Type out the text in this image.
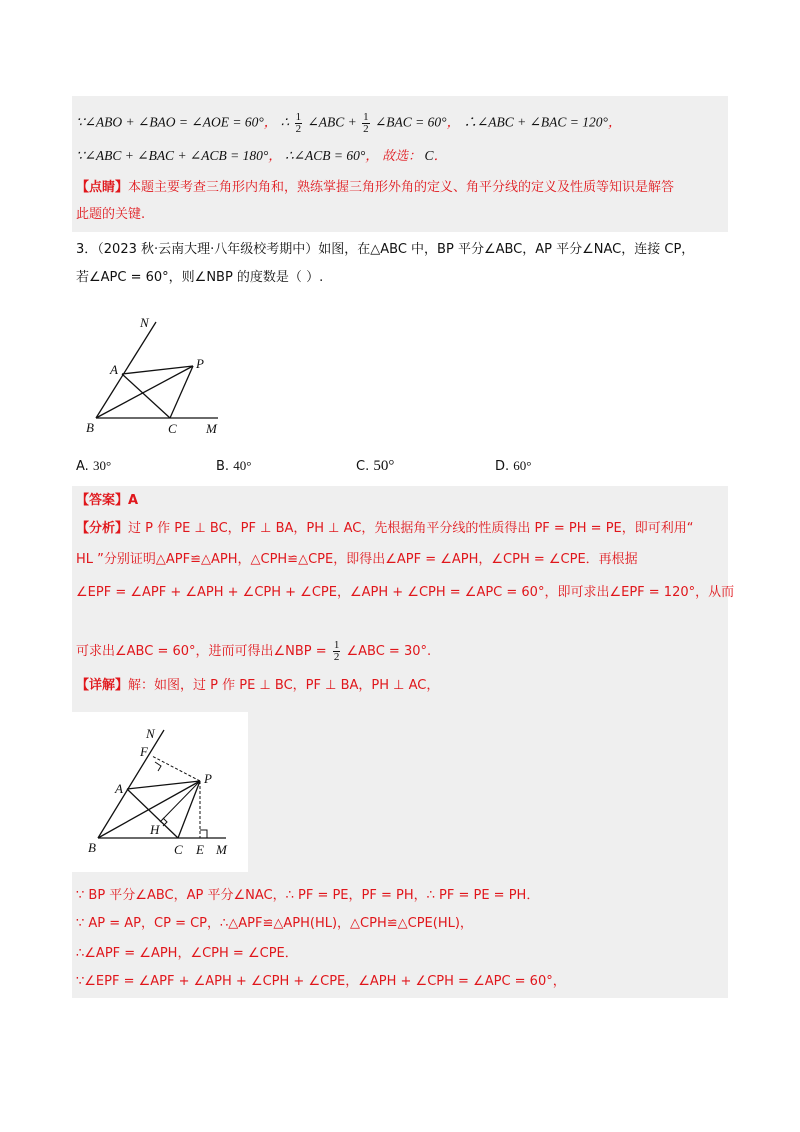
∵∠ABO + ∠BAO = ∠AOE = 60°， ∴ $\frac{1}{2}$ ∠ABC + $\frac{1}{2}$ ∠BAC = 60°， ∴∠ABC + ∠BAC = 120°，
∵∠ABC + ∠BAC + ∠ACB = 180°， ∴∠ACB = 60°， 故选： C．
【点睛】本题主要考查三角形内角和，熟练掌握三角形外角的定义、角平分线的定义及性质等知识是解答
此题的关键.
3．（2023 秋·云南大理·八年级校考期中）如图，在△ABC 中，BP 平分∠ABC，AP 平分∠NAC，连接 CP，
若∠APC = 60°，则∠NBP 的度数是（ ）.
N
A	P
B	C M
A. 30°	B. 40°	C. 50°	D. 60°
【答案】A
【分析】过 P 作 PE ⊥ BC，PF ⊥ BA，PH ⊥ AC，先根据角平分线的性质得出 PF = PH = PE，即可利用“
HL ”分别证明△APF≌△APH，△CPH≌△CPE，即得出∠APF = ∠APH，∠CPH = ∠CPE．再根据
∠EPF = ∠APF + ∠APH + ∠CPH + ∠CPE，∠APH + ∠CPH = ∠APC = 60°，即可求出∠EPF = 120°，从而
可求出∠ABC = 60°，进而可得出∠NBP = $\frac{1}{2}$ ∠ABC = 30°.
【详解】解：如图，过 P 作 PE ⊥ BC，PF ⊥ BA，PH ⊥ AC，
N
F
A
P
H
B	C E M
∵ BP 平分∠ABC，AP 平分∠NAC，∴ PF = PE，PF = PH，∴ PF = PE = PH．
∵ AP = AP，CP = CP，∴△APF≌△APH(HL)，△CPH≌△CPE(HL)，
∴∠APF = ∠APH，∠CPH = ∠CPE．
∵∠EPF = ∠APF + ∠APH + ∠CPH + ∠CPE，∠APH + ∠CPH = ∠APC = 60°，
